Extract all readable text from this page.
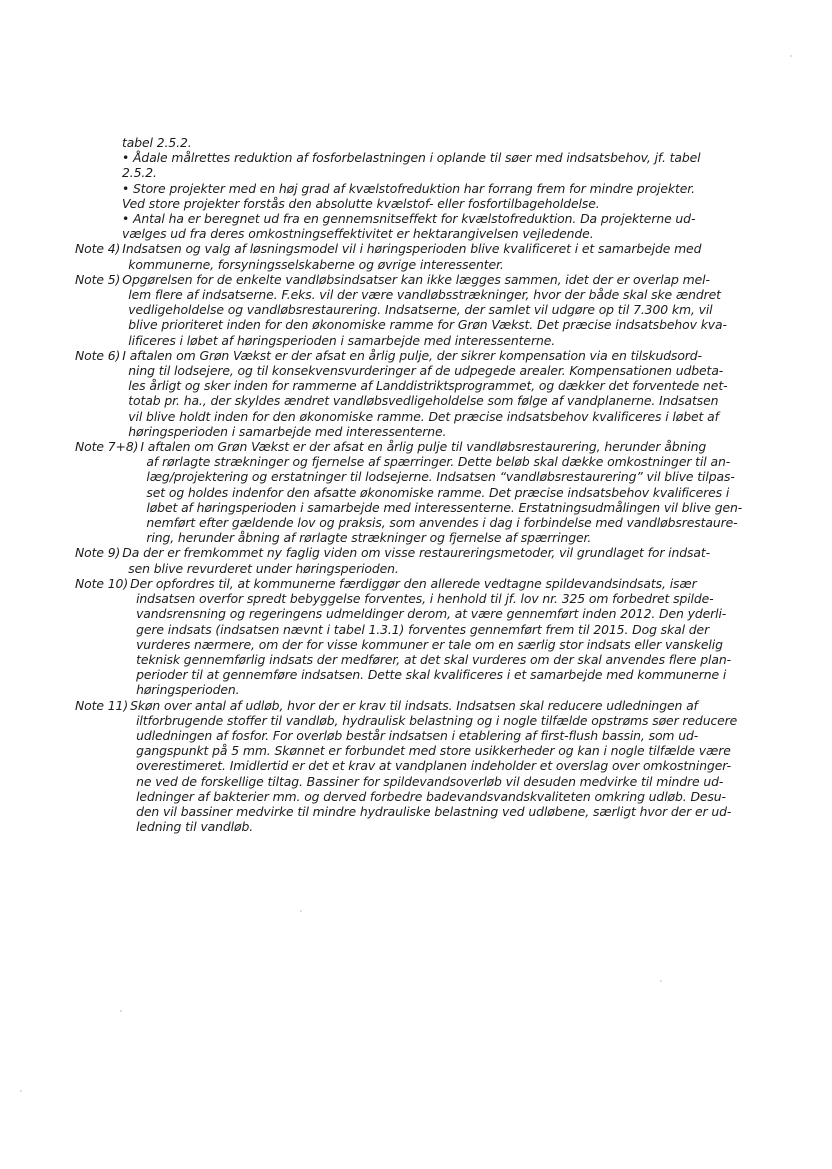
tabel 2.5.2.
• Ådale målrettes reduktion af fosforbelastningen i oplande til søer med indsatsbehov, jf. tabel
2.5.2.
• Store projekter med en høj grad af kvælstofreduktion har forrang frem for mindre projekter.
Ved store projekter forstås den absolutte kvælstof- eller fosfortilbageholdelse.
• Antal ha er beregnet ud fra en gennemsnitseffekt for kvælstofreduktion. Da projekterne ud-
vælges ud fra deres omkostningseffektivitet er hektarangivelsen vejledende.
Note 4) Indsatsen og valg af løsningsmodel vil i høringsperioden blive kvalificeret i et samarbejde med
kommunerne, forsyningsselskaberne og øvrige interessenter.
Note 5) Opgørelsen for de enkelte vandløbsindsatser kan ikke lægges sammen, idet der er overlap mel-
lem flere af indsatserne. F.eks. vil der være vandløbsstrækninger, hvor der både skal ske ændret
vedligeholdelse og vandløbsrestaurering. Indsatserne, der samlet vil udgøre op til 7.300 km, vil
blive prioriteret inden for den økonomiske ramme for Grøn Vækst. Det præcise indsatsbehov kva-
lificeres i løbet af høringsperioden i samarbejde med interessenterne.
Note 6) I aftalen om Grøn Vækst er der afsat en årlig pulje, der sikrer kompensation via en tilskudsord-
ning til lodsejere, og til konsekvensvurderinger af de udpegede arealer. Kompensationen udbeta-
les årligt og sker inden for rammerne af Landdistriktsprogrammet, og dækker det forventede net-
totab pr. ha., der skyldes ændret vandløbsvedligeholdelse som følge af vandplanerne. Indsatsen
vil blive holdt inden for den økonomiske ramme. Det præcise indsatsbehov kvalificeres i løbet af
høringsperioden i samarbejde med interessenterne.
Note 7+8) I aftalen om Grøn Vækst er der afsat en årlig pulje til vandløbsrestaurering, herunder åbning
af rørlagte strækninger og fjernelse af spærringer. Dette beløb skal dække omkostninger til an-
læg/projektering og erstatninger til lodsejerne. Indsatsen “vandløbsrestaurering” vil blive tilpas-
set og holdes indenfor den afsatte økonomiske ramme. Det præcise indsatsbehov kvalificeres i
løbet af høringsperioden i samarbejde med interessenterne. Erstatningsudmålingen vil blive gen-
nemført efter gældende lov og praksis, som anvendes i dag i forbindelse med vandløbsrestaure-
ring, herunder åbning af rørlagte strækninger og fjernelse af spærringer.
Note 9) Da der er fremkommet ny faglig viden om visse restaureringsmetoder, vil grundlaget for indsat-
sen blive revurderet under høringsperioden.
Note 10) Der opfordres til, at kommunerne færdiggør den allerede vedtagne spildevandsindsats, især
indsatsen overfor spredt bebyggelse forventes, i henhold til jf. lov nr. 325 om forbedret spilde-
vandsrensning og regeringens udmeldinger derom, at være gennemført inden 2012. Den yderli-
gere indsats (indsatsen nævnt i tabel 1.3.1) forventes gennemført frem til 2015. Dog skal der
vurderes nærmere, om der for visse kommuner er tale om en særlig stor indsats eller vanskelig
teknisk gennemførlig indsats der medfører, at det skal vurderes om der skal anvendes flere plan-
perioder til at gennemføre indsatsen. Dette skal kvalificeres i et samarbejde med kommunerne i
høringsperioden.
Note 11) Skøn over antal af udløb, hvor der er krav til indsats. Indsatsen skal reducere udledningen af
iltforbrugende stoffer til vandløb, hydraulisk belastning og i nogle tilfælde opstrøms søer reducere
udledningen af fosfor. For overløb består indsatsen i etablering af first-flush bassin, som ud-
gangspunkt på 5 mm. Skønnet er forbundet med store usikkerheder og kan i nogle tilfælde være
overestimeret. Imidlertid er det et krav at vandplanen indeholder et overslag over omkostninger-
ne ved de forskellige tiltag. Bassiner for spildevandsoverløb vil desuden medvirke til mindre ud-
ledninger af bakterier mm. og derved forbedre badevandsvandskvaliteten omkring udløb. Desu-
den vil bassiner medvirke til mindre hydrauliske belastning ved udløbene, særligt hvor der er ud-
ledning til vandløb.
